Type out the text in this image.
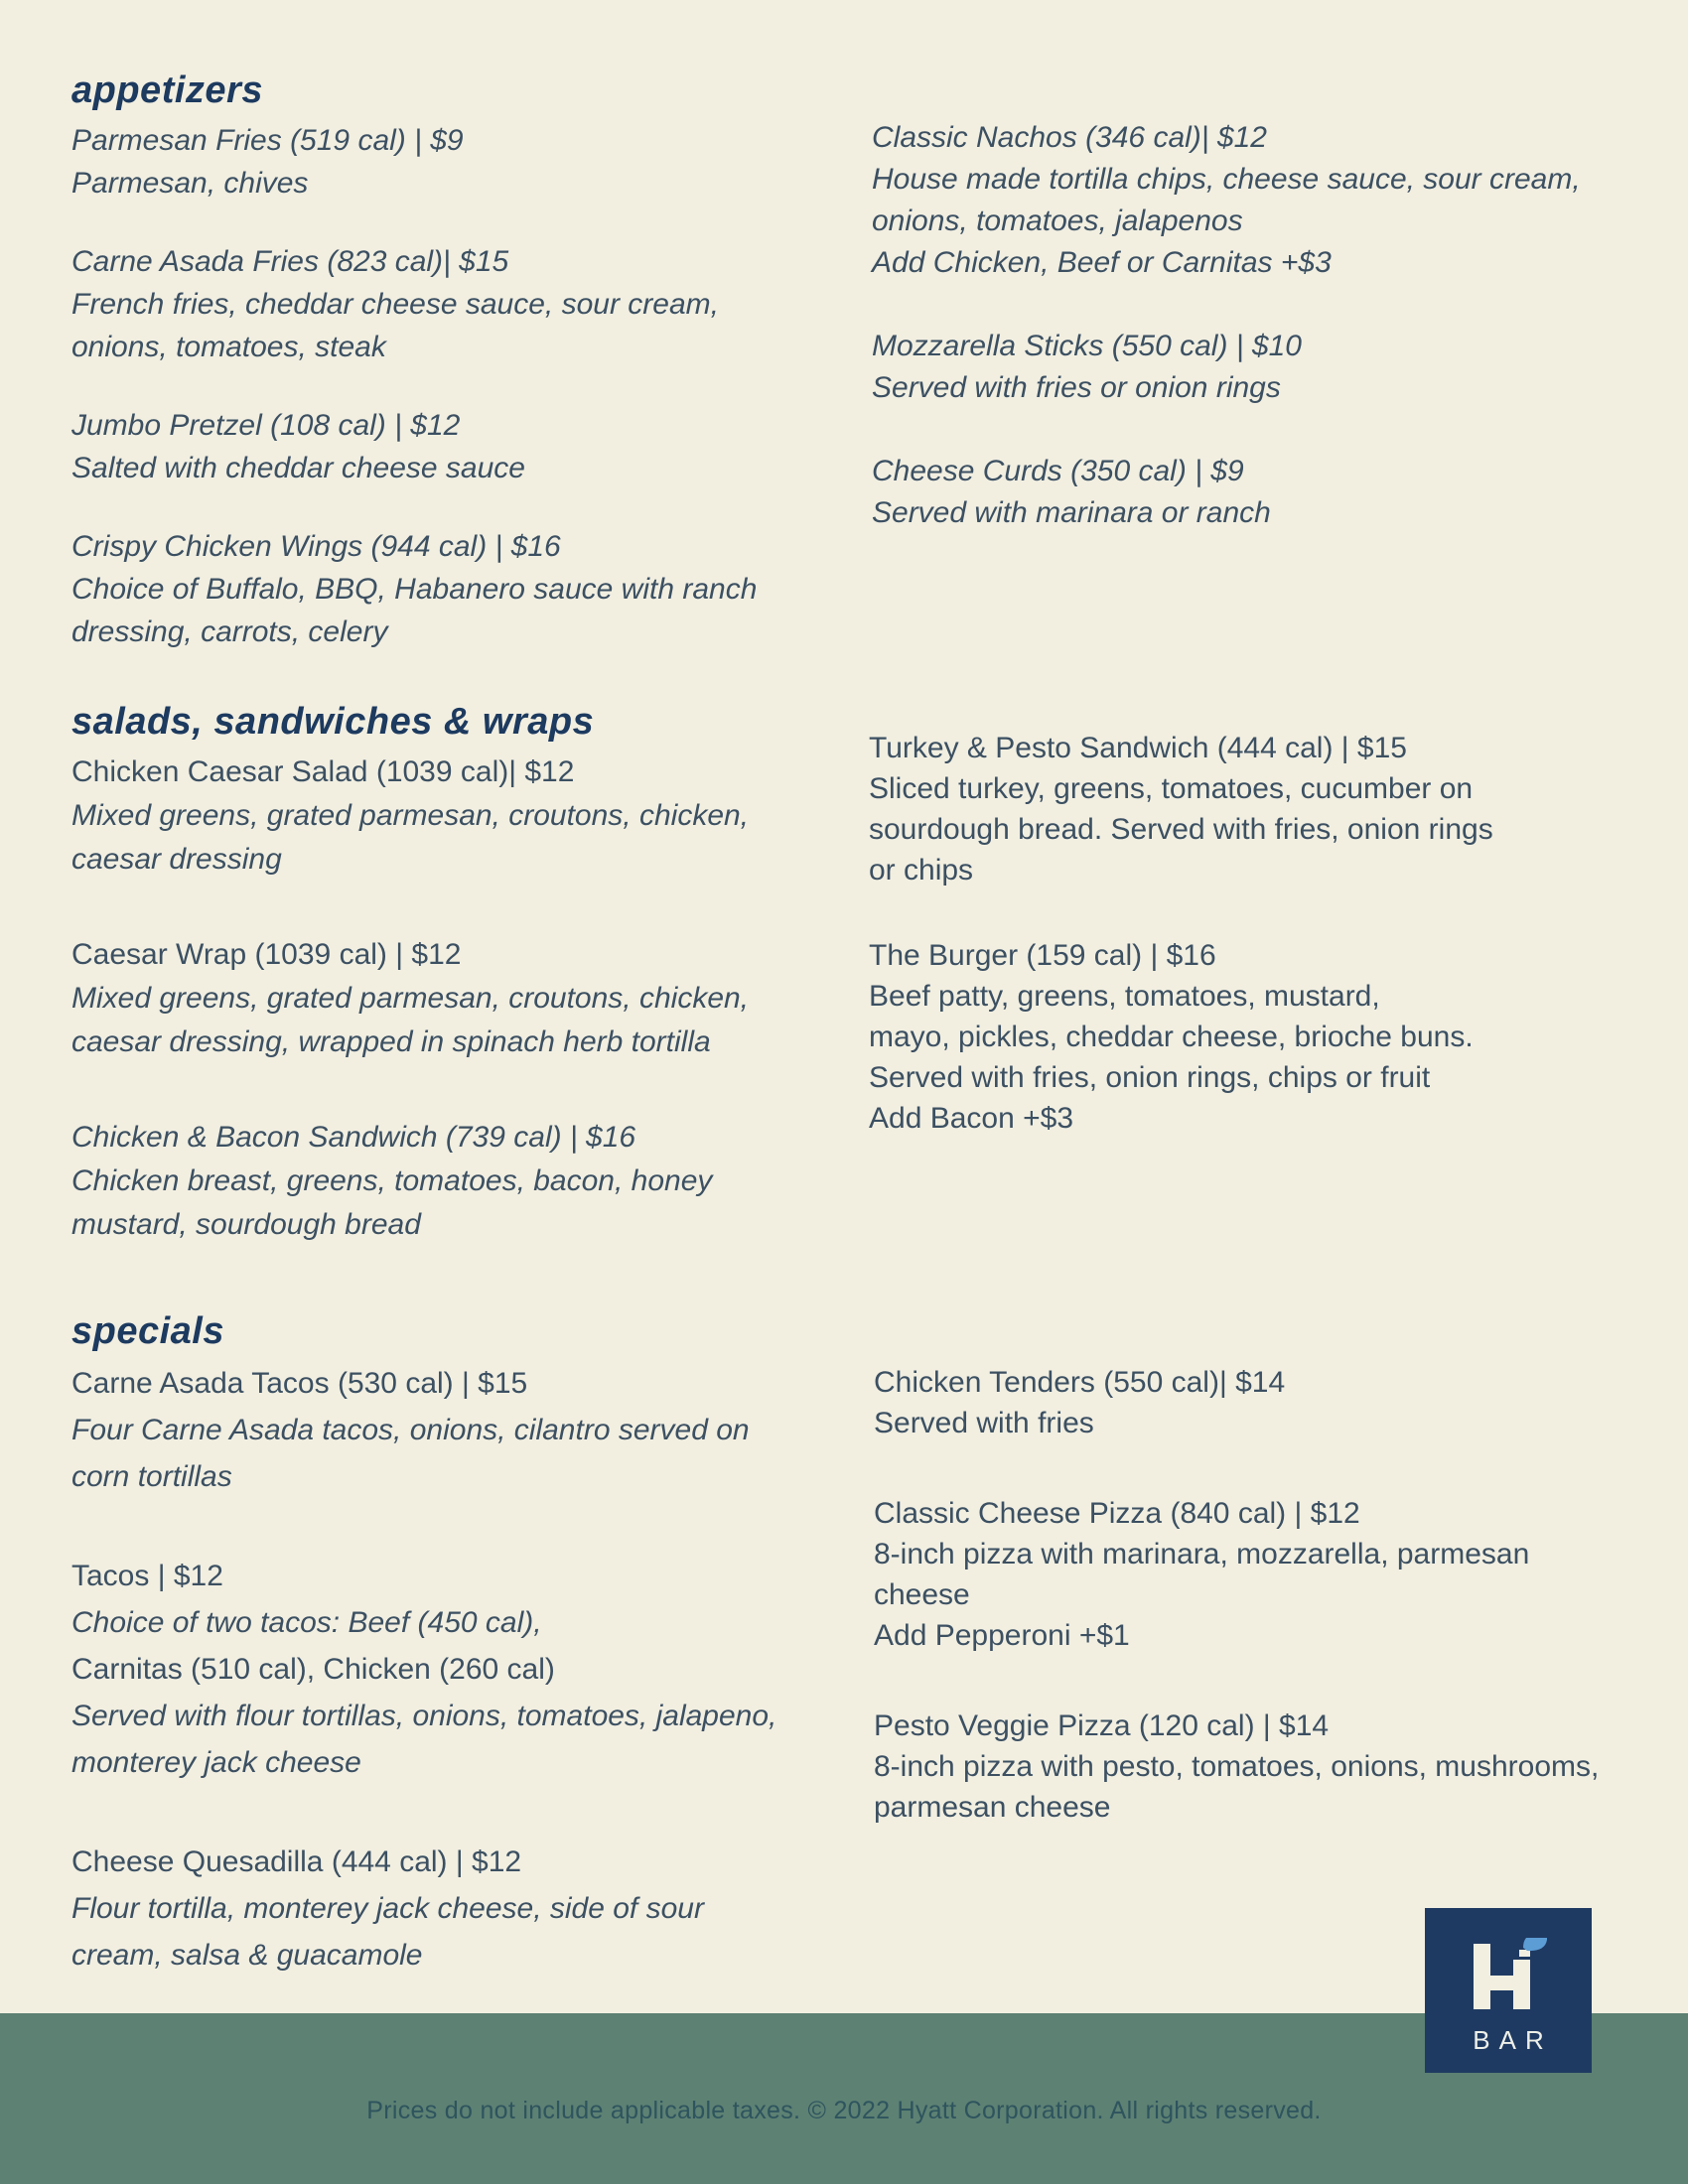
Prices do not include applicable taxes. © 2022 Hyatt Corporation. All rights reserved.
BAR
appetizers
salads, sandwiches & wraps
specials
Parmesan Fries (519 cal) | $9
Parmesan, chives
Carne Asada Fries (823 cal)| $15
French fries, cheddar cheese sauce, sour cream,
onions, tomatoes, steak
Jumbo Pretzel (108 cal) | $12
Salted with cheddar cheese sauce
Crispy Chicken Wings (944 cal) | $16
Choice of Buffalo, BBQ, Habanero sauce with ranch
dressing, carrots, celery
Classic Nachos (346 cal)| $12
House made tortilla chips, cheese sauce, sour cream,
onions, tomatoes, jalapenos
Add Chicken, Beef or Carnitas +$3
Mozzarella Sticks (550 cal) | $10
Served with fries or onion rings
Cheese Curds (350 cal) | $9
Served with marinara or ranch
Chicken Caesar Salad (1039 cal)| $12
Mixed greens, grated parmesan, croutons, chicken,
caesar dressing
Caesar Wrap (1039 cal) | $12
Mixed greens, grated parmesan, croutons, chicken,
caesar dressing, wrapped in spinach herb tortilla
Chicken & Bacon Sandwich (739 cal) | $16
Chicken breast, greens, tomatoes, bacon, honey
mustard, sourdough bread
Turkey & Pesto Sandwich (444 cal) | $15
Sliced turkey, greens, tomatoes, cucumber on
sourdough bread. Served with fries, onion rings
or chips
The Burger (159 cal) | $16
Beef patty, greens, tomatoes, mustard,
mayo, pickles, cheddar cheese, brioche buns.
Served with fries, onion rings, chips or fruit
Add Bacon +$3
Carne Asada Tacos (530 cal) | $15
Four Carne Asada tacos, onions, cilantro served on
corn tortillas
Tacos | $12
Choice of two tacos: Beef (450 cal),
Carnitas (510 cal), Chicken (260 cal)
Served with flour tortillas, onions, tomatoes, jalapeno,
monterey jack cheese
Cheese Quesadilla (444 cal) | $12
Flour tortilla, monterey jack cheese, side of sour
cream, salsa & guacamole
Chicken Tenders (550 cal)| $14
Served with fries
Classic Cheese Pizza (840 cal) | $12
8-inch pizza with marinara, mozzarella, parmesan
cheese
Add Pepperoni +$1
Pesto Veggie Pizza (120 cal) | $14
8-inch pizza with pesto, tomatoes, onions, mushrooms,
parmesan cheese
